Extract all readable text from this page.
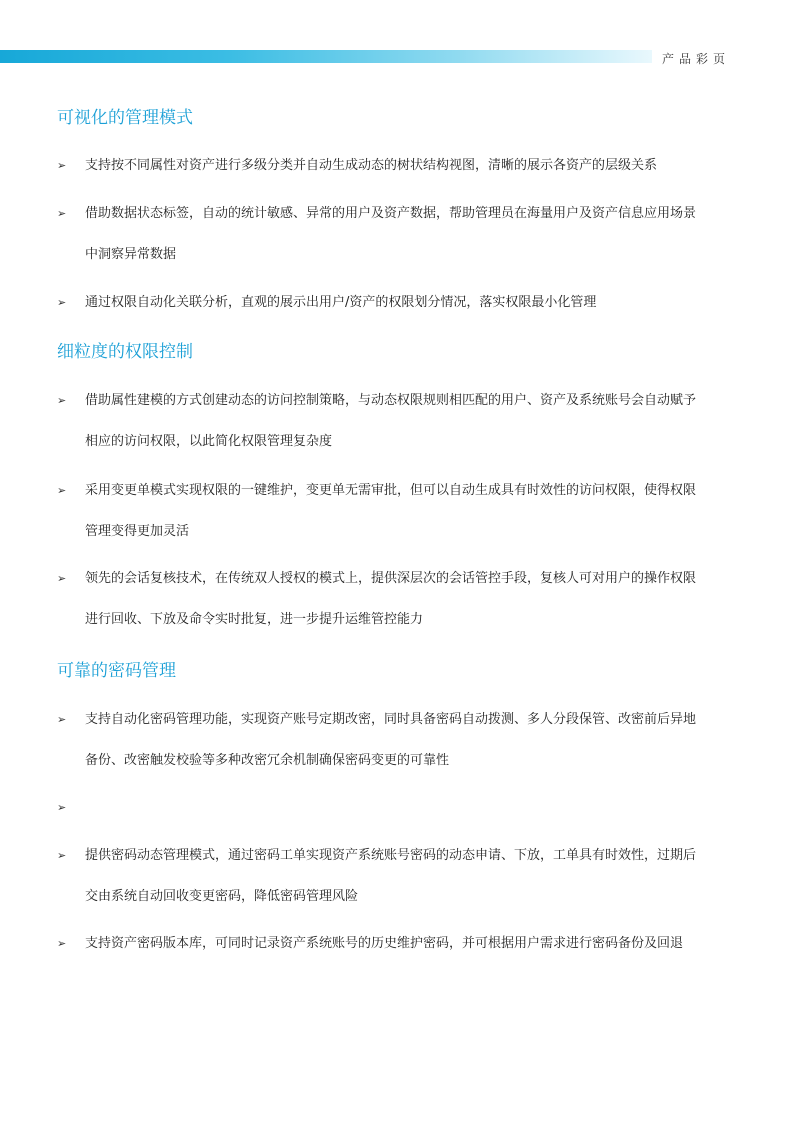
产品彩页
可视化的管理模式
➢ 支持按不同属性对资产进行多级分类并自动生成动态的树状结构视图，清晰的展示各资产的层级关系
➢ 借助数据状态标签，自动的统计敏感、异常的用户及资产数据，帮助管理员在海量用户及资产信息应用场景
中洞察异常数据
➢ 通过权限自动化关联分析，直观的展示出用户/资产的权限划分情况，落实权限最小化管理
细粒度的权限控制
➢ 借助属性建模的方式创建动态的访问控制策略，与动态权限规则相匹配的用户、资产及系统账号会自动赋予
相应的访问权限，以此简化权限管理复杂度
➢ 采用变更单模式实现权限的一键维护，变更单无需审批，但可以自动生成具有时效性的访问权限，使得权限
管理变得更加灵活
➢ 领先的会话复核技术，在传统双人授权的模式上，提供深层次的会话管控手段，复核人可对用户的操作权限
进行回收、下放及命令实时批复，进一步提升运维管控能力
可靠的密码管理
➢ 支持自动化密码管理功能，实现资产账号定期改密，同时具备密码自动拨测、多人分段保管、改密前后异地
备份、改密触发校验等多种改密冗余机制确保密码变更的可靠性
➢
➢ 提供密码动态管理模式，通过密码工单实现资产系统账号密码的动态申请、下放，工单具有时效性，过期后
交由系统自动回收变更密码，降低密码管理风险
➢ 支持资产密码版本库，可同时记录资产系统账号的历史维护密码，并可根据用户需求进行密码备份及回退
